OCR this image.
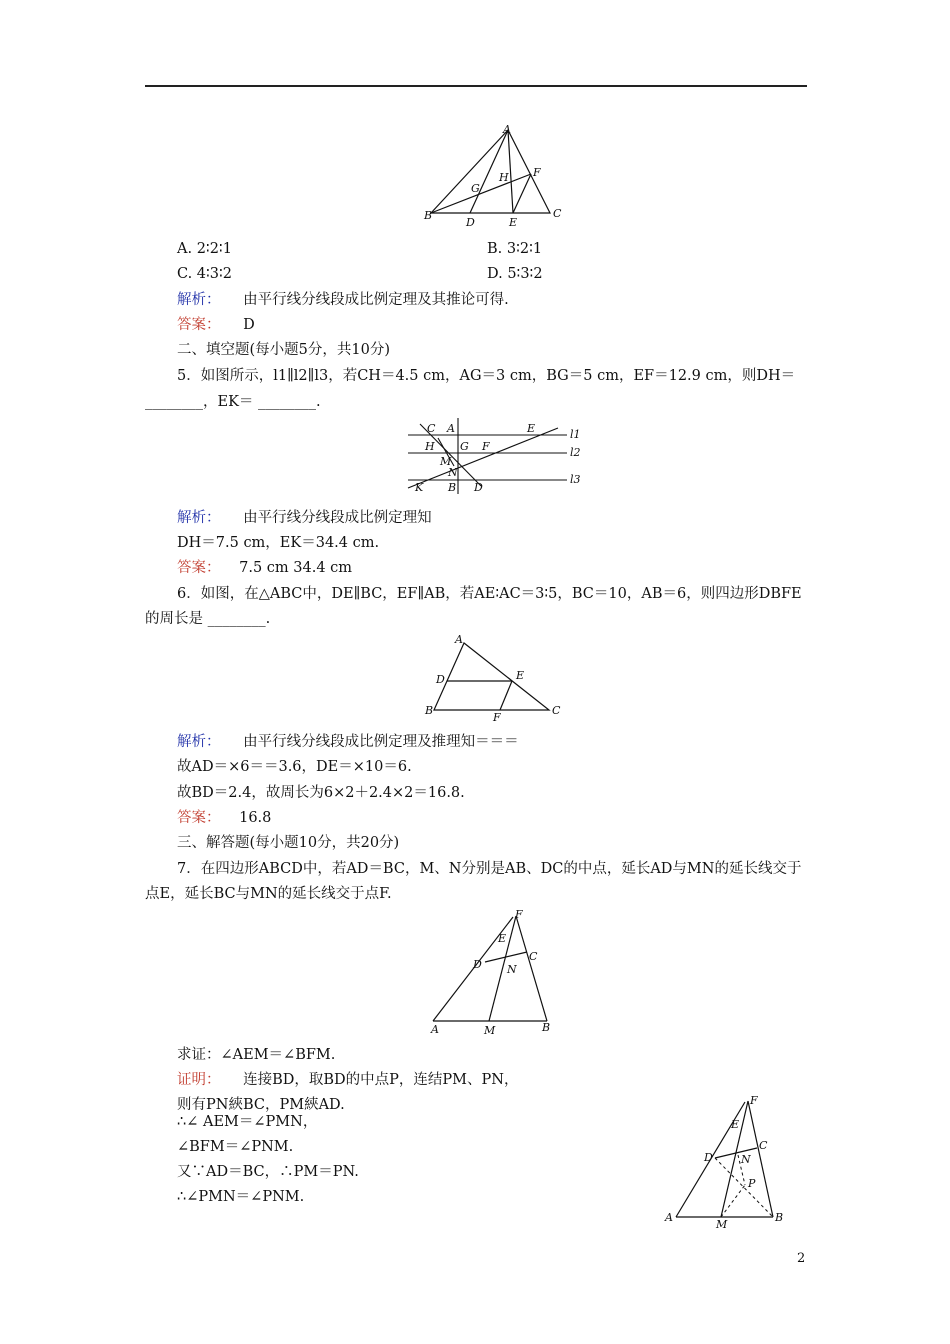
A
G
H F
B
D	E
C
A. 2∶2∶1	B. 3∶2∶1
C. 4∶3∶2	D. 5∶3∶2
解析： 由平行线分线段成比例定理及其推论可得.
答案： D
二、填空题(每小题5分，共10分)
5．如图所示，l1∥l2∥l3，若CH＝4.5 cm，AG＝3 cm，BG＝5 cm，EF＝12.9 cm，则DH＝
________，EK＝ ________.
C A	E	l1
H G F	l2
M
N
K B D
l3
解析： 由平行线分线段成比例定理知
DH＝7.5 cm，EK＝34.4 cm.
答案： 7.5 cm 34.4 cm
6．如图，在△ABC中，DE∥BC，EF∥AB，若AE∶AC＝3∶5，BC＝10，AB＝6，则四边形DBFE
的周长是 ________.
A
D	E
B
F
C
解析： 由平行线分线段成比例定理及推理知＝＝＝
故AD＝×6＝＝3.6，DE＝×10＝6.
故BD＝2.4，故周长为6×2＋2.4×2＝16.8.
答案： 16.8
三、解答题(每小题10分，共20分)
7．在四边形ABCD中，若AD＝BC，M、N分别是AB、DC的中点，延长AD与MN的延长线交于
点E，延长BC与MN的延长线交于点F.
F
E
C
D N
A	M	B
求证：∠AEM＝∠BFM.
证明： 连接BD，取BD的中点P，连结PM、PN，
则有PN綊BC，PM綊AD.
∴∠ AEM＝∠PMN，
∠BFM＝∠PNM.
又∵AD＝BC，∴PM＝PN.
∴∠PMN＝∠PNM.
F
E
C
D	N
P
A
M
B
2
